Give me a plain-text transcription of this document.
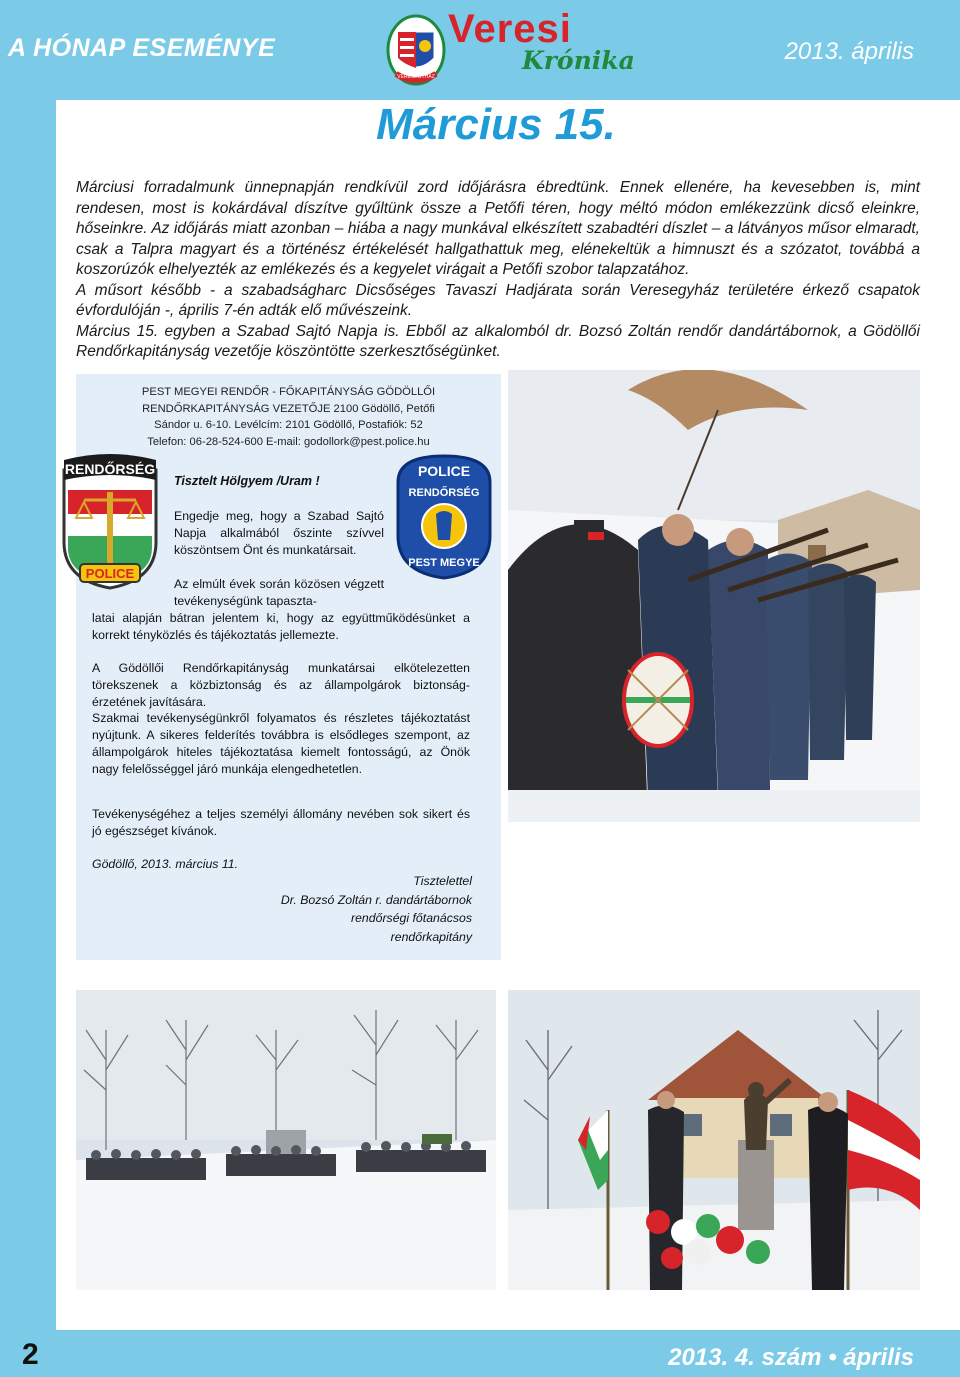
A HÓNAP ESEMÉNYE	2013. április
VERESEGYHÁZ
Veresi
Krónika
Március 15.

Márciusi forradalmunk ünnepnapján rendkívül zord időjárásra ébredtünk. Ennek ellenére, ha kevesebben is, mint rendesen, most is kokárdával díszítve gyűltünk össze a Petőfi téren, hogy méltó módon emlékezzünk dicső eleinkre, hőseinkre. Az időjárás miatt azonban – hiába a nagy munkával elkészített szabadtéri díszlet – a látványos műsor elmaradt, csak a Talpra magyart és a történész értékelését hallgathattuk meg, elénekeltük a himnuszt és a szózatot, továbbá a koszorúzók elhelyezték az emlékezés és a kegyelet virágait a Petőfi szobor talapzatához.

A műsort később - a szabadságharc Dicsőséges Tavaszi Hadjárata során Veresegyház területére érkező csapatok évfordulóján -, április 7-én adták elő művészeink.

Március 15. egyben a Szabad Sajtó Napja is. Ebből az alkalomból dr. Bozsó Zoltán rendőr dandártábornok, a Gödöllői Rendőrkapitányság vezetője köszöntötte szerkesztőségünket.

PEST MEGYEI RENDŐR - FŐKAPITÁNYSÁG GÖDÖLLŐI
RENDŐRKAPITÁNYSÁG VEZETŐJE 2100 Gödöllő, Petőfi
Sándor u. 6-10. Levélcím: 2101 Gödöllő, Postafiók: 52
Telefon: 06-28-524-600 E-mail: godollork@pest.police.hu
RENDŐRSÉG
POLICE
POLICE
RENDŐRSÉG
PEST MEGYE
Tisztelt Hölgyem /Uram !
Engedje meg, hogy a Szabad Sajtó Napja alkalmából őszinte szívvel köszöntsem Önt és munkatársait.
Az elmúlt évek során közösen végzett tevékenységünk tapaszta-
latai alapján bátran jelentem ki, hogy az együttműködésünket a korrekt tényközlés és tájékoztatás jellemezte.
A Gödöllői Rendőrkapitányság munkatársai elkötelezetten törekszenek a közbiztonság és az állampolgárok biztonság-érzetének javítására.
Szakmai tevékenységünkről folyamatos és részletes tájékoztatást nyújtunk. A sikeres felderítés továbbra is elsődleges szempont, az állampolgárok hiteles tájékoztatása kiemelt fontosságú, az Önök nagy felelősséggel járó munkája elengedhetetlen.
Tevékenységéhez a teljes személyi állomány nevében sok sikert és jó egészséget kívánok.
Gödöllő, 2013. március 11.
Tisztelettel
Dr. Bozsó Zoltán r. dandártábornok
rendőrségi főtanácsos
rendőrkapitány
2	2013. 4. szám • április
